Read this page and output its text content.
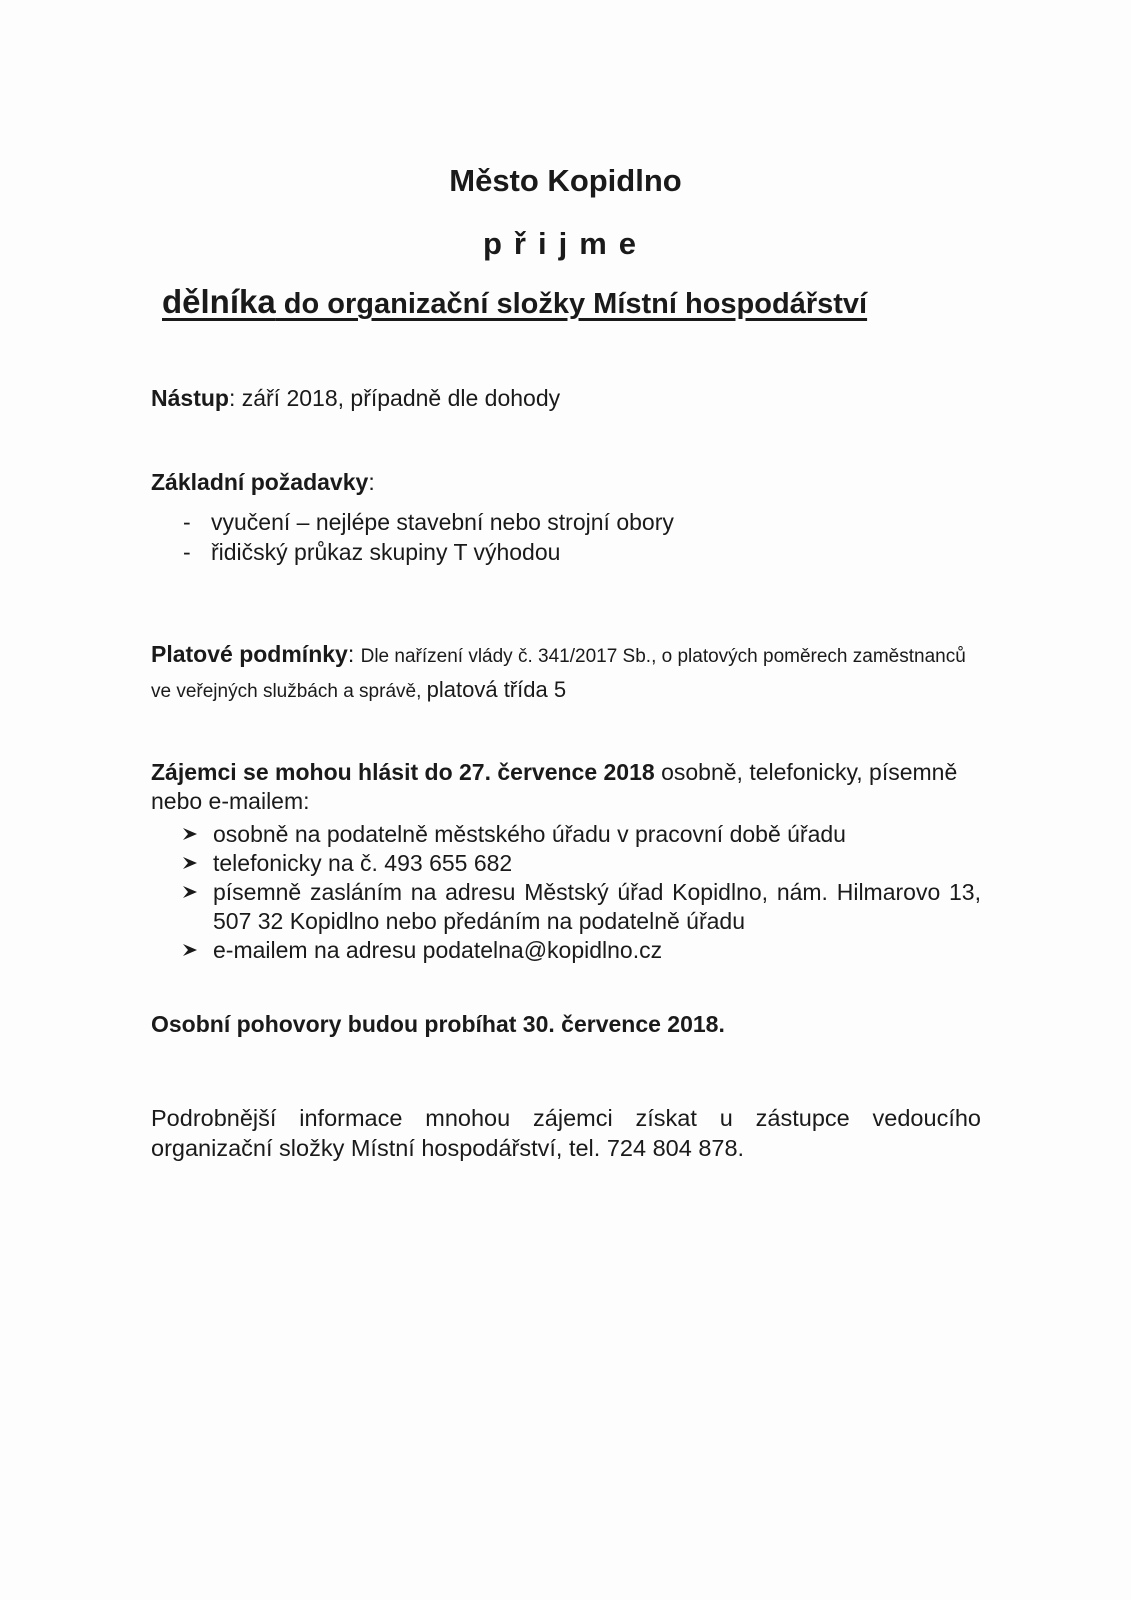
Město Kopidlno
přijme
dělníka do organizační složky Místní hospodářství

Nástup: září 2018, případně dle dohody

Základní požadavky:
- vyučení – nejlépe stavební nebo strojní obory
- řidičský průkaz skupiny T výhodou

Platové podmínky: Dle nařízení vlády č. 341/2017 Sb., o platových poměrech zaměstnanců ve veřejných službách a správě, platová třída 5

Zájemci se mohou hlásit do 27. července 2018 osobně, telefonicky, písemně nebo e-mailem:

osobně na podatelně městského úřadu v pracovní době úřadu
telefonicky na č. 493 655 682
písemně zasláním na adresu Městský úřad Kopidlno, nám. Hilmarovo 13, 507 32 Kopidlno nebo předáním na podatelně úřadu
e-mailem na adresu podatelna@kopidlno.cz

Osobní pohovory budou probíhat 30. července 2018.

Podrobnější informace mnohou zájemci získat u zástupce vedoucího organizační složky Místní hospodářství, tel. 724 804 878.
